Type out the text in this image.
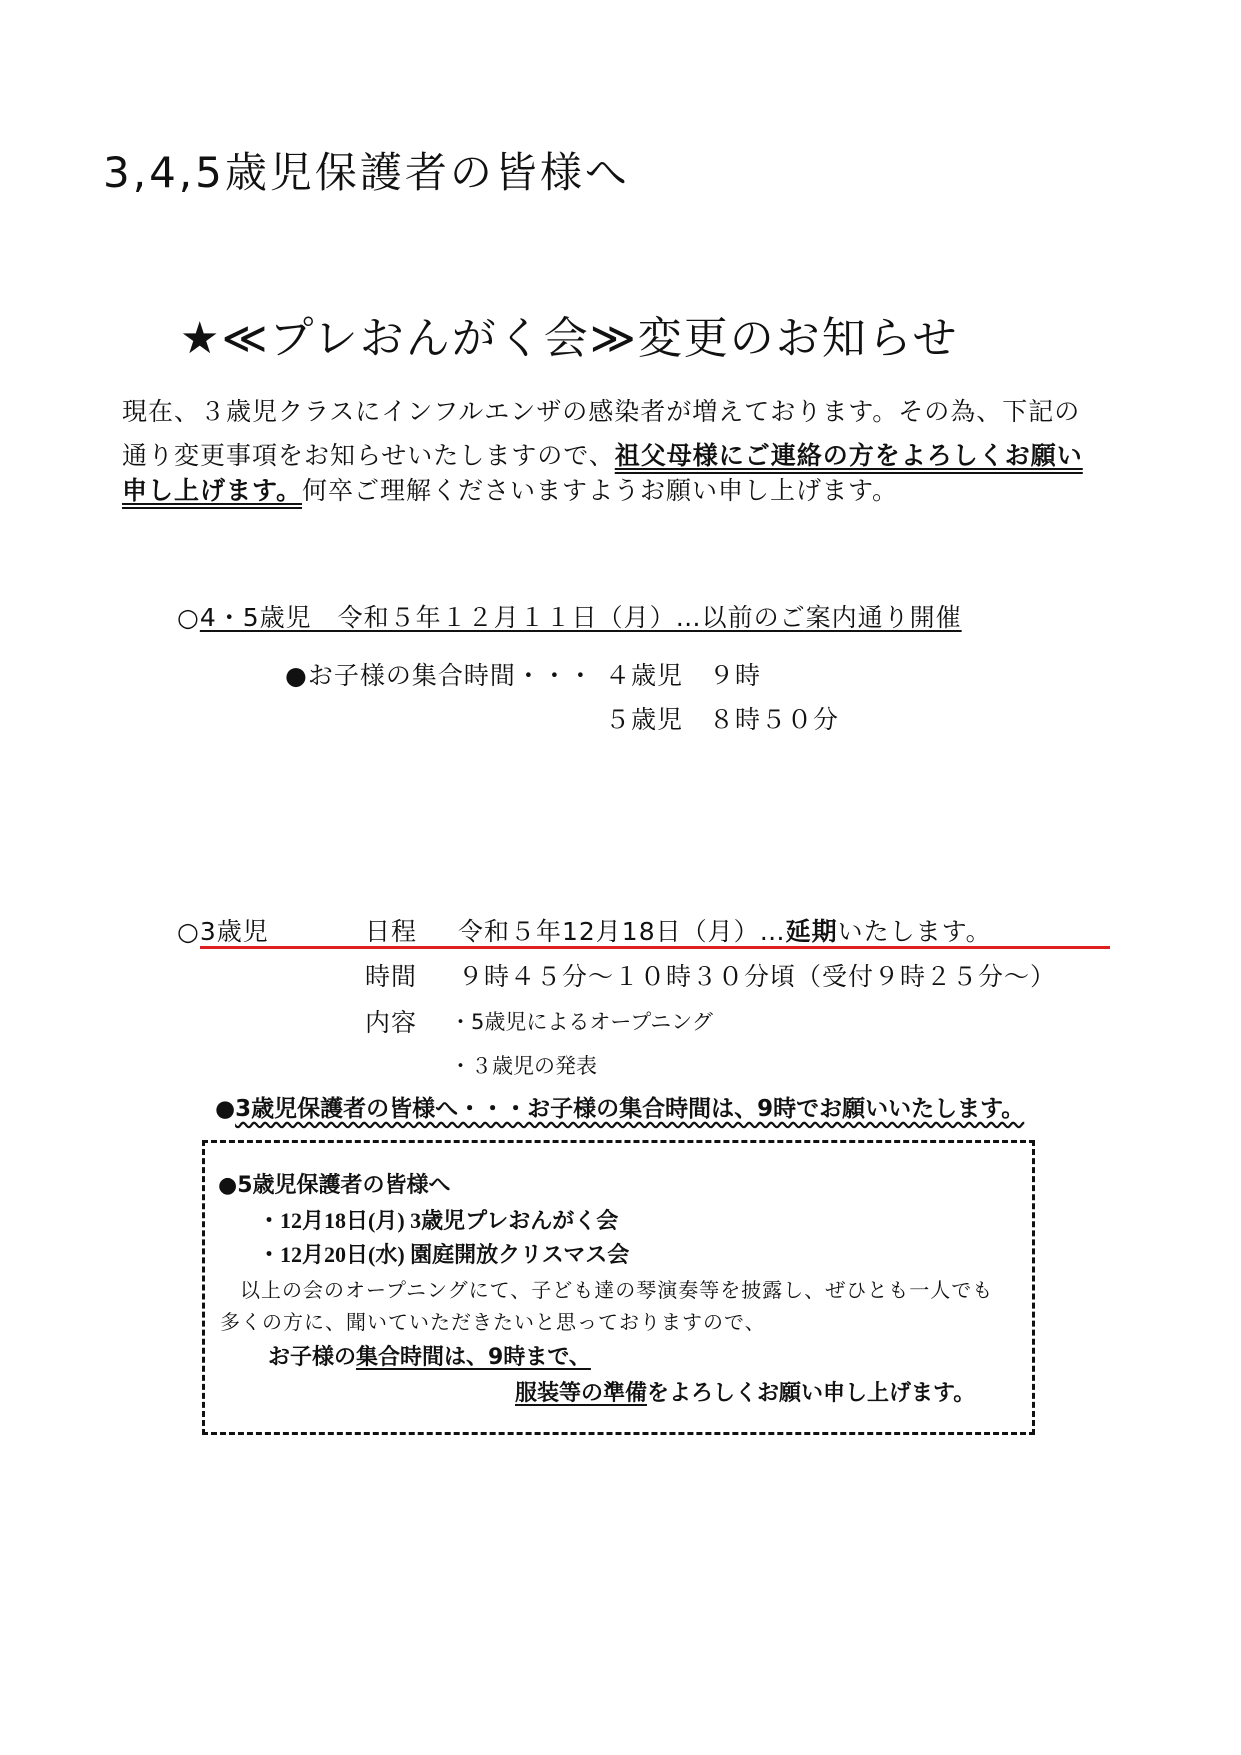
3,4,5歳児保護者の皆様へ
★≪プレおんがく会≫変更のお知らせ
現在、３歳児クラスにインフルエンザの感染者が増えております。その為、下記の
通り変更事項をお知らせいたしますので、祖父母様にご連絡の方をよろしくお願い
申し上げます。何卒ご理解くださいますようお願い申し上げます。
○4・5歳児　令和５年１２月１１日（月）…以前のご案内通り開催
●お子様の集合時間・・・ ４歳児　９時
５歳児　８時５０分
○3歳児	日程 令和５年12月18日（月）…延期いたします。
時間 ９時４５分～１０時３０分頃（受付９時２５分～）
内容 ・5歳児によるオープニング
・３歳児の発表
●3歳児保護者の皆様へ・・・お子様の集合時間は、9時でお願いいたします。
●5歳児保護者の皆様へ
・12月18日(月) 3歳児プレおんがく会
・12月20日(水) 園庭開放クリスマス会
以上の会のオープニングにて、子ども達の琴演奏等を披露し、ぜひとも一人でも
多くの方に、聞いていただきたいと思っておりますので、
お子様の集合時間は、9時まで、
服装等の準備をよろしくお願い申し上げます。
